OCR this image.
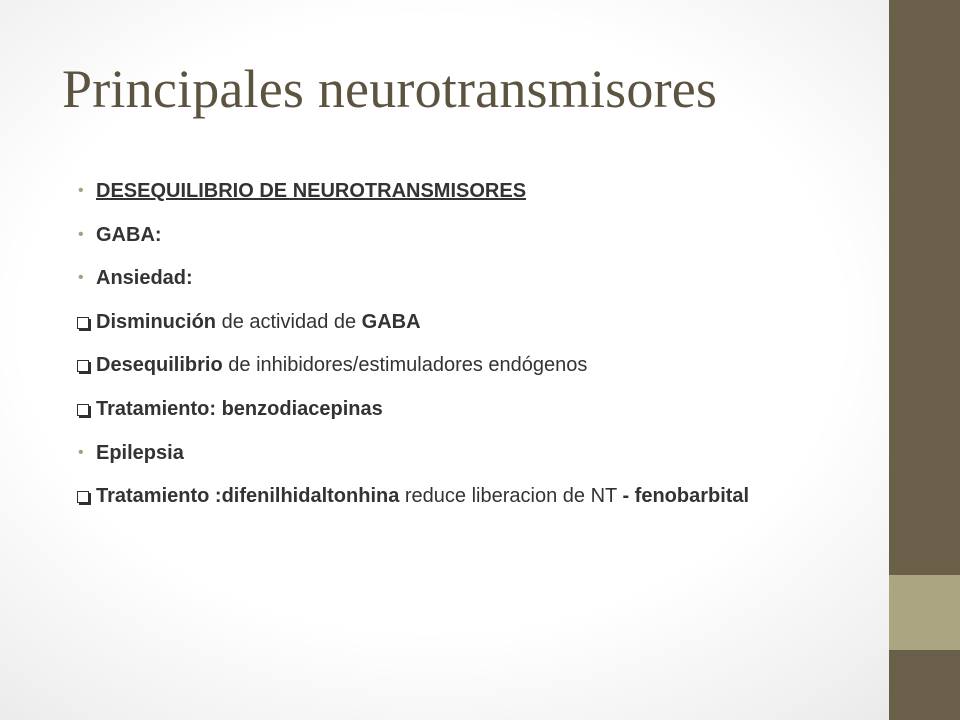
Principales neurotransmisores
• DESEQUILIBRIO DE NEUROTRANSMISORES
• GABA:
• Ansiedad:
Disminución de actividad de GABA
Desequilibrio de inhibidores/estimuladores endógenos
Tratamiento: benzodiacepinas
• Epilepsia
Tratamiento :difenilhidaltonhina reduce liberacion de NT - fenobarbital
